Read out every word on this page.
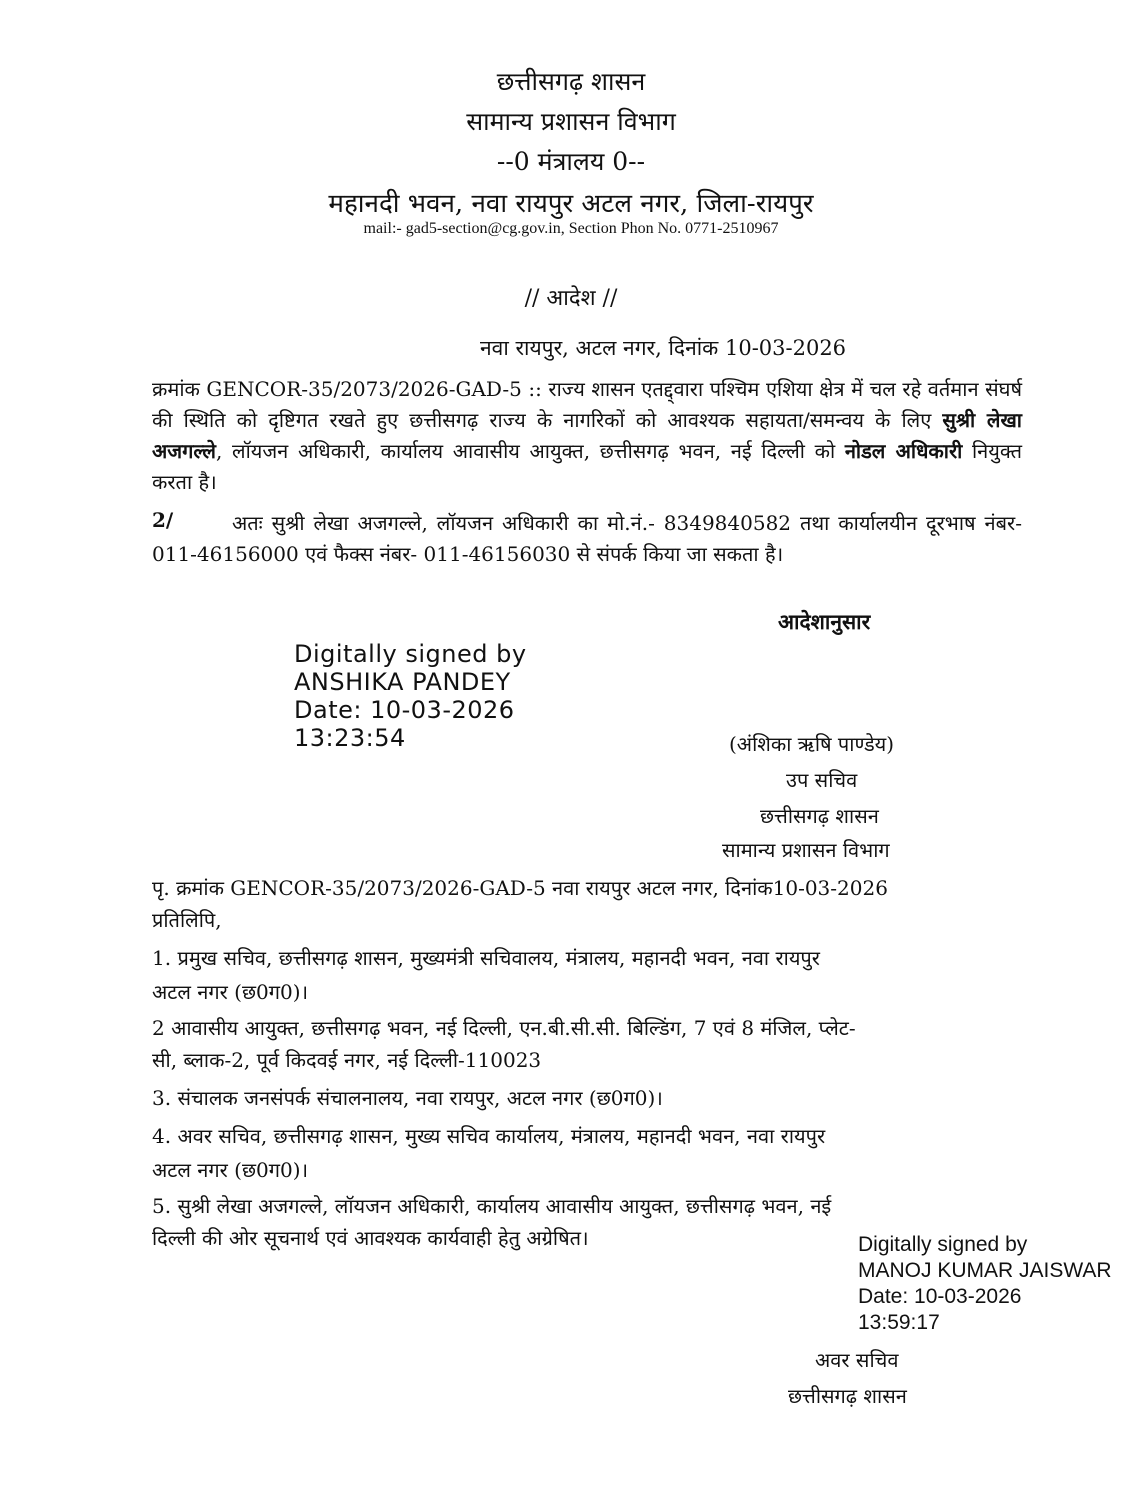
छत्तीसगढ़ शासन
सामान्य प्रशासन विभाग
--0 मंत्रालय 0--
महानदी भवन, नवा रायपुर अटल नगर, जिला-रायपुर
mail:- gad5-section@cg.gov.in, Section Phon No. 0771-2510967
// आदेश //
नवा रायपुर, अटल नगर, दिनांक 10-03-2026
क्रमांक GENCOR-35/2073/2026-GAD-5 :: राज्य शासन एतद्द्वारा पश्चिम एशिया क्षेत्र में चल रहे वर्तमान संघर्ष की स्थिति को दृष्टिगत रखते हुए छत्तीसगढ़ राज्य के नागरिकों को आवश्यक सहायता/समन्वय के लिए सुश्री लेखा अजगल्ले, लॉयजन अधिकारी, कार्यालय आवासीय आयुक्त, छत्तीसगढ़ भवन, नई दिल्ली को नोडल अधिकारी नियुक्त करता है।
2/	अतः सुश्री लेखा अजगल्ले, लॉयजन अधिकारी का मो.नं.- 8349840582 तथा कार्यालयीन दूरभाष नंबर- 011-46156000 एवं फैक्स नंबर- 011-46156030 से संपर्क किया जा सकता है।
आदेशानुसार
Digitally signed by
ANSHIKA PANDEY
Date: 10-03-2026
13:23:54	(अंशिका ऋषि पाण्डेय)
उप सचिव
छत्तीसगढ़ शासन
सामान्य प्रशासन विभाग
पृ. क्रमांक GENCOR-35/2073/2026-GAD-5 नवा रायपुर अटल नगर, दिनांक10-03-2026
प्रतिलिपि,
1. प्रमुख सचिव, छत्तीसगढ़ शासन, मुख्यमंत्री सचिवालय, मंत्रालय, महानदी भवन, नवा रायपुर
अटल नगर (छ0ग0)।
2 आवासीय आयुक्त, छत्तीसगढ़ भवन, नई दिल्ली, एन.बी.सी.सी. बिल्डिंग, 7 एवं 8 मंजिल, प्लेट-
सी, ब्लाक-2, पूर्व किदवई नगर, नई दिल्ली-110023
3. संचालक जनसंपर्क संचालनालय, नवा रायपुर, अटल नगर (छ0ग0)।
4. अवर सचिव, छत्तीसगढ़ शासन, मुख्य सचिव कार्यालय, मंत्रालय, महानदी भवन, नवा रायपुर
अटल नगर (छ0ग0)।
5. सुश्री लेखा अजगल्ले, लॉयजन अधिकारी, कार्यालय आवासीय आयुक्त, छत्तीसगढ़ भवन, नई
दिल्ली की ओर सूचनार्थ एवं आवश्यक कार्यवाही हेतु अग्रेषित।	Digitally signed by
MANOJ KUMAR JAISWAR
Date: 10-03-2026
13:59:17
अवर सचिव
छत्तीसगढ़ शासन
